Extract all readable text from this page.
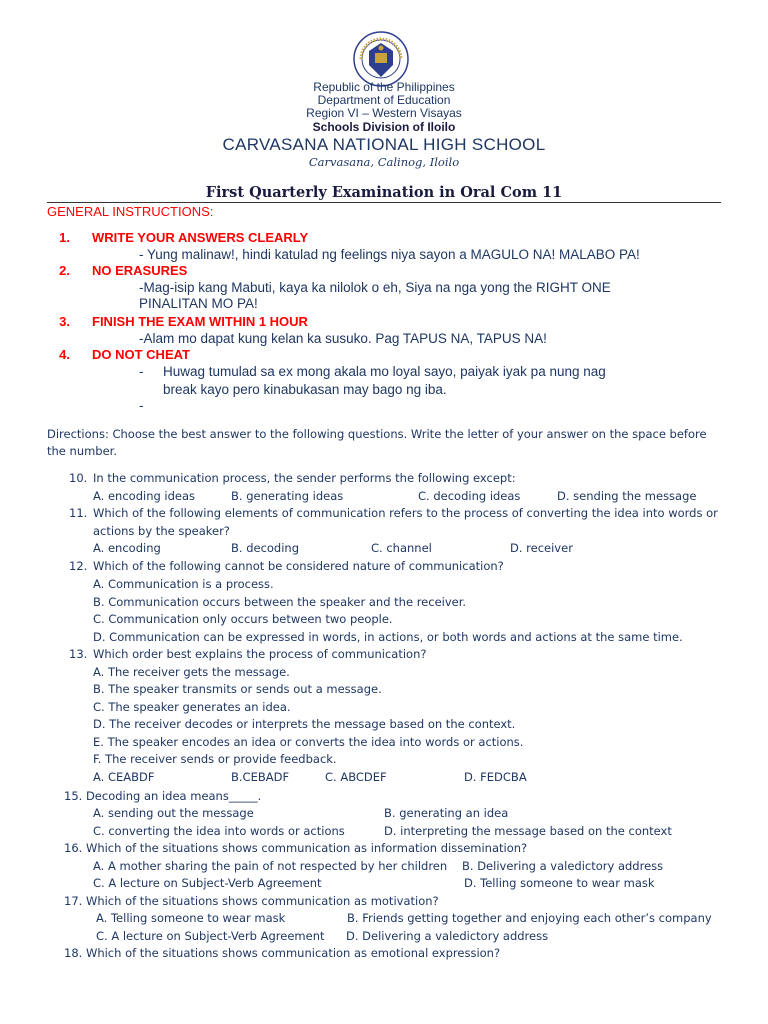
Republic of the Philippines
Department of Education
Region VI – Western Visayas
Schools Division of Iloilo
CARVASANA NATIONAL HIGH SCHOOL
Carvasana, Calinog, Iloilo
First Quarterly Examination in Oral Com 11
GENERAL INSTRUCTIONS:
1. WRITE YOUR ANSWERS CLEARLY
- Yung malinaw!, hindi katulad ng feelings niya sayon a MAGULO NA! MALABO PA!
2. NO ERASURES
-Mag-isip kang Mabuti, kaya ka nilolok o eh, Siya na nga yong the RIGHT ONE
PINALITAN MO PA!
3. FINISH THE EXAM WITHIN 1 HOUR
-Alam mo dapat kung kelan ka susuko. Pag TAPUS NA, TAPUS NA!
4. DO NOT CHEAT
- Huwag tumulad sa ex mong akala mo loyal sayo, paiyak iyak pa nung nag
break kayo pero kinabukasan may bago ng iba.
-
Directions: Choose the best answer to the following questions. Write the letter of your answer on the space before
the number.
10. In the communication process, the sender performs the following except:
A. encoding ideas	B. generating ideas	C. decoding ideas	D. sending the message
11. Which of the following elements of communication refers to the process of converting the idea into words or
actions by the speaker?
A. encoding	B. decoding	C. channel	D. receiver
12. Which of the following cannot be considered nature of communication?
A. Communication is a process.
B. Communication occurs between the speaker and the receiver.
C. Communication only occurs between two people.
D. Communication can be expressed in words, in actions, or both words and actions at the same time.
13. Which order best explains the process of communication?
A. The receiver gets the message.
B. The speaker transmits or sends out a message.
C. The speaker generates an idea.
D. The receiver decodes or interprets the message based on the context.
E. The speaker encodes an idea or converts the idea into words or actions.
F. The receiver sends or provide feedback.
A. CEABDF	B.CEBADF	C. ABCDEF	D. FEDCBA
15. Decoding an idea means_____.
A. sending out the message	B. generating an idea
C. converting the idea into words or actions	D. interpreting the message based on the context
16. Which of the situations shows communication as information dissemination?
A. A mother sharing the pain of not respected by her children B. Delivering a valedictory address
C. A lecture on Subject-Verb Agreement	D. Telling someone to wear mask
17. Which of the situations shows communication as motivation?
A. Telling someone to wear mask	B. Friends getting together and enjoying each other’s company
C. A lecture on Subject-Verb Agreement D. Delivering a valedictory address
18. Which of the situations shows communication as emotional expression?
